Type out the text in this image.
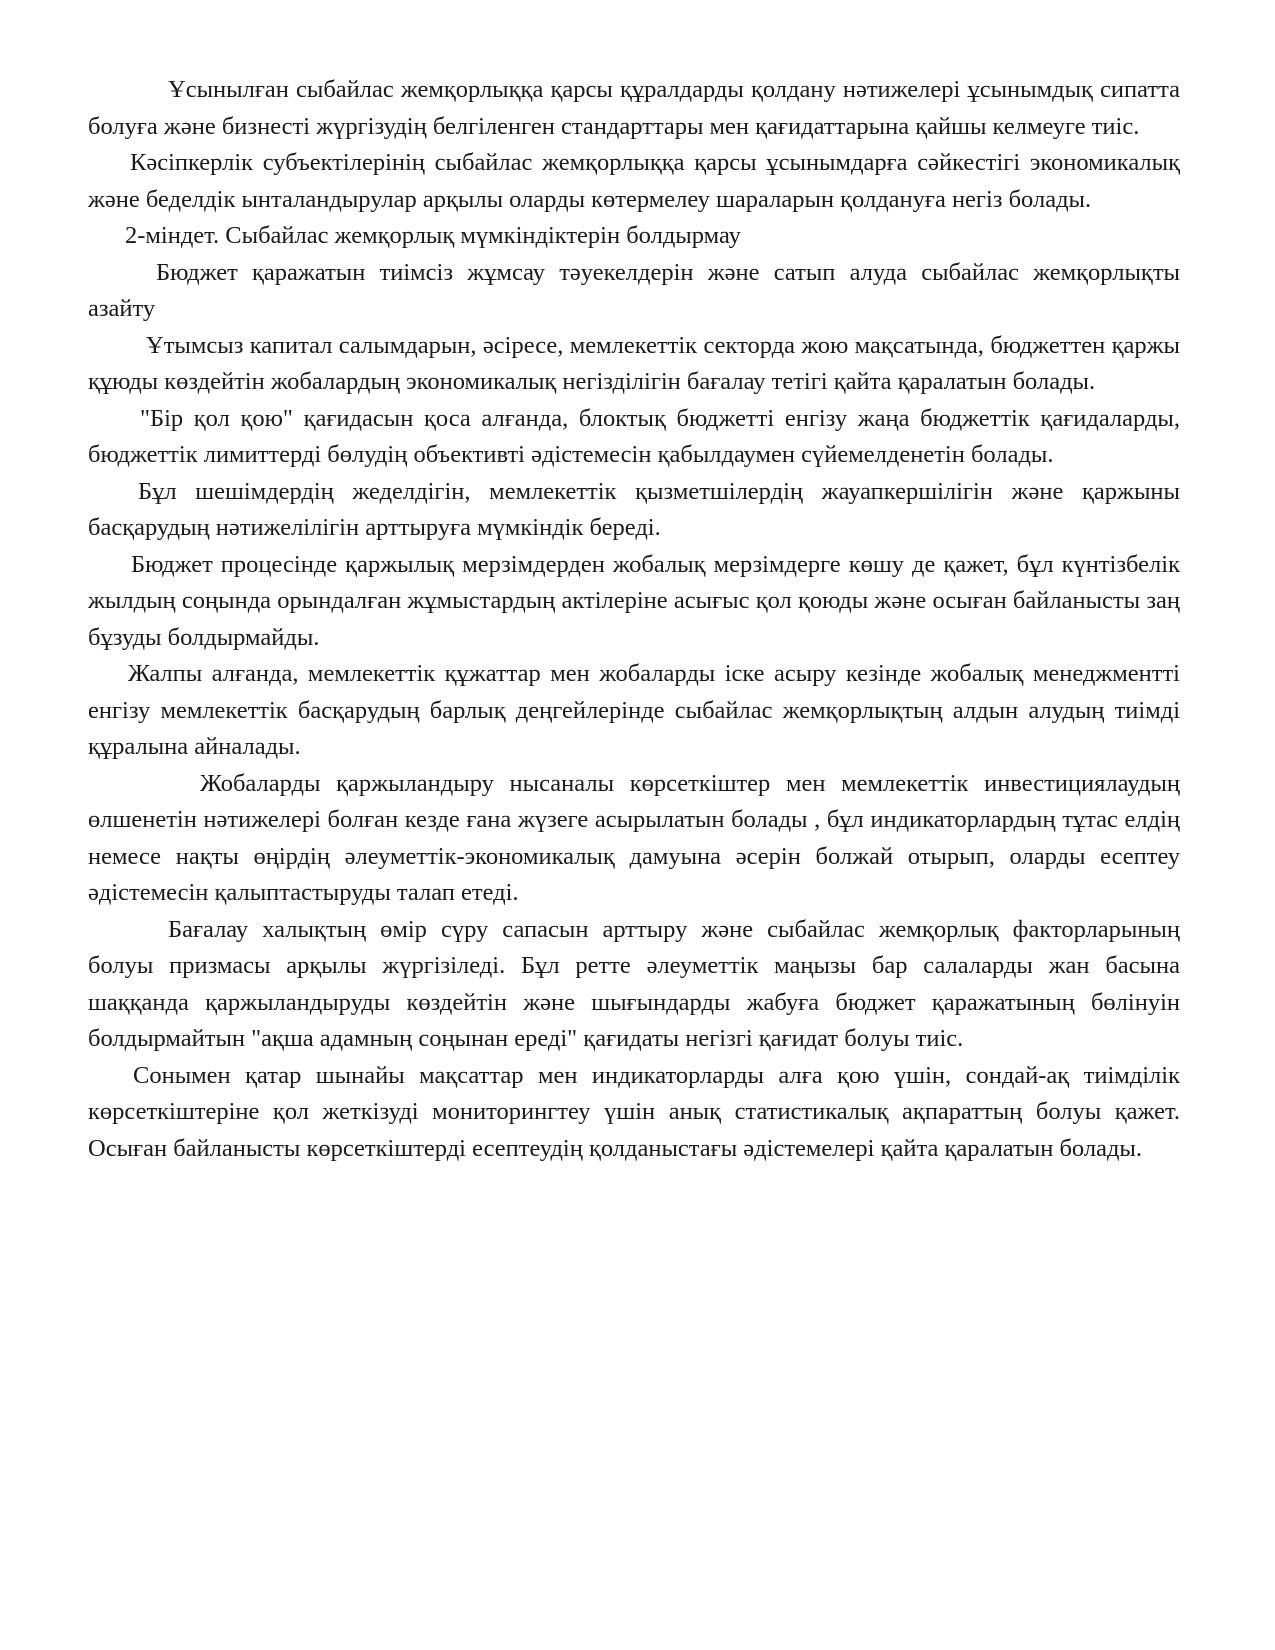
Ұсынылған сыбайлас жемқорлыққа қарсы құралдарды қолдану нәтижелері ұсынымдық сипатта болуға және бизнесті жүргізудің белгіленген стандарттары мен қағидаттарына қайшы келмеуге тиіс.

Кәсіпкерлік субъектілерінің сыбайлас жемқорлыққа қарсы ұсынымдарға сәйкестігі экономикалық және беделдік ынталандырулар арқылы оларды көтермелеу шараларын қолдануға негіз болады.

2-міндет. Сыбайлас жемқорлық мүмкіндіктерін болдырмау

Бюджет қаражатын тиімсіз жұмсау тәуекелдерін және сатып алуда сыбайлас жемқорлықты азайту

Ұтымсыз капитал салымдарын, әсіресе, мемлекеттік секторда жою мақсатында, бюджеттен қаржы құюды көздейтін жобалардың экономикалық негізділігін бағалау тетігі қайта қаралатын болады.

"Бір қол қою" қағидасын қоса алғанда, блоктық бюджетті енгізу жаңа бюджеттік қағидаларды, бюджеттік лимиттерді бөлудің объективті әдістемесін қабылдаумен сүйемелденетін болады.

Бұл шешімдердің жеделдігін, мемлекеттік қызметшілердің жауапкершілігін және қаржыны басқарудың нәтижелілігін арттыруға мүмкіндік береді.

Бюджет процесінде қаржылық мерзімдерден жобалық мерзімдерге көшу де қажет, бұл күнтізбелік жылдың соңында орындалған жұмыстардың актілеріне асығыс қол қоюды және осыған байланысты заң бұзуды болдырмайды.

Жалпы алғанда, мемлекеттік құжаттар мен жобаларды іске асыру кезінде жобалық менеджментті енгізу мемлекеттік басқарудың барлық деңгейлерінде сыбайлас жемқорлықтың алдын алудың тиімді құралына айналады.

Жобаларды қаржыландыру нысаналы көрсеткіштер мен мемлекеттік инвестициялаудың өлшенетін нәтижелері болған кезде ғана жүзеге асырылатын болады , бұл индикаторлардың тұтас елдің немесе нақты өңірдің әлеуметтік-экономикалық дамуына әсерін болжай отырып, оларды есептеу әдістемесін қалыптастыруды талап етеді.

Бағалау халықтың өмір сүру сапасын арттыру және сыбайлас жемқорлық факторларының болуы призмасы арқылы жүргізіледі. Бұл ретте әлеуметтік маңызы бар салаларды жан басына шаққанда қаржыландыруды көздейтін және шығындарды жабуға бюджет қаражатының бөлінуін болдырмайтын "ақша адамның соңынан ереді" қағидаты негізгі қағидат болуы тиіс.

Сонымен қатар шынайы мақсаттар мен индикаторларды алға қою үшін, сондай-ақ тиімділік көрсеткіштеріне қол жеткізуді мониторингтеу үшін анық статистикалық ақпараттың болуы қажет. Осыған байланысты көрсеткіштерді есептеудің қолданыстағы әдістемелері қайта қаралатын болады.
